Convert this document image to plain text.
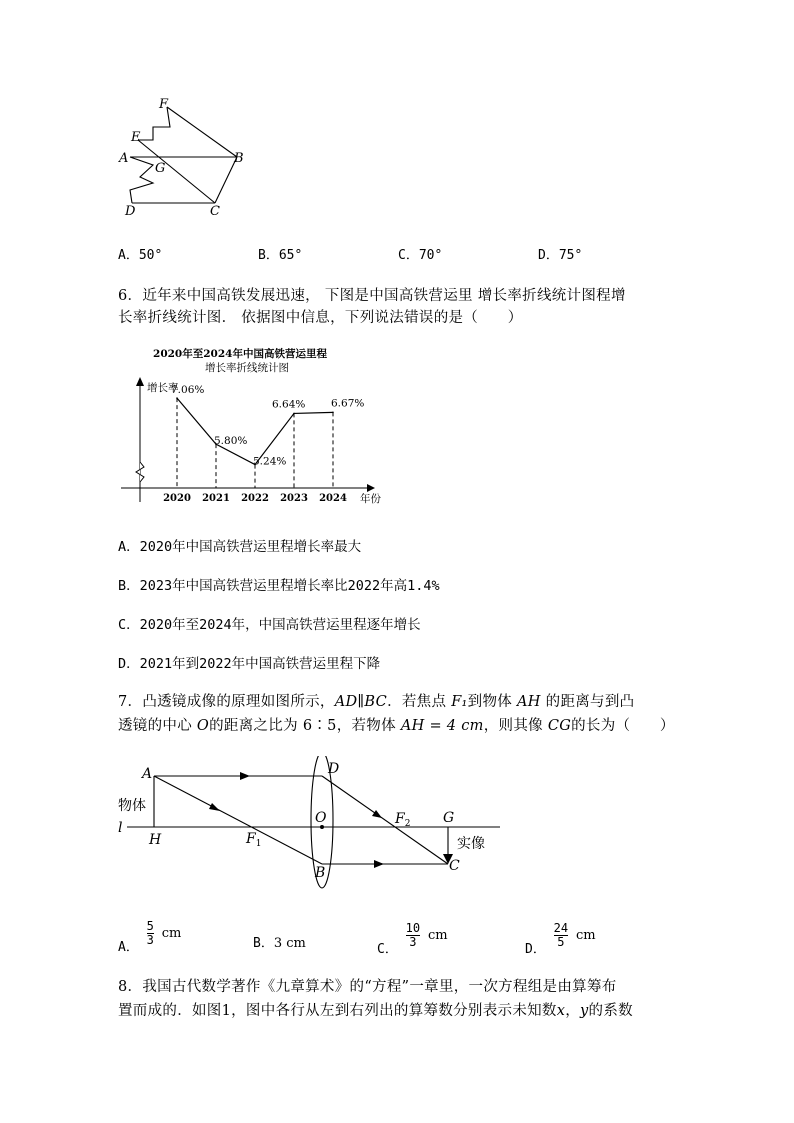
F
E
A
G
B
D	C
A．50°	B．65°	C．70°	D．75°
6．近年来中国高铁发展迅速， 下图是中国高铁营运里 增长率折线统计图程增
长率折线统计图． 依据图中信息，下列说法错误的是（　　）
2020年至2024年中国高铁营运里程
增长率折线统计图
增长率
年份
2020
7.06%
2021
5.80%
2022
5.24%
2023
6.64%
2024
6.67%
A．2020年中国高铁营运里程增长率最大
B．2023年中国高铁营运里程增长率比2022年高1.4%
C．2020年至2024年，中国高铁营运里程逐年增长
D．2021年到2022年中国高铁营运里程下降
7．凸透镜成像的原理如图所示，AD∥BC．若焦点 F₁到物体 AH 的距离与到凸
透镜的中心 O的距离之比为 6∶5，若物体 AH = 4 cm，则其像 CG的长为（　　）
A	D
l
H	$F_1$
O	$F_2$ G
B	C
物体
实像
A．
$\frac{5}{3}$ cm
B．3 cm	C．
$\frac{10}{3}$ cm
D．
$\frac{24}{5}$ cm
8．我国古代数学著作《九章算术》的“方程”一章里，一次方程组是由算筹布
置而成的．如图1，图中各行从左到右列出的算筹数分别表示未知数x，y的系数
